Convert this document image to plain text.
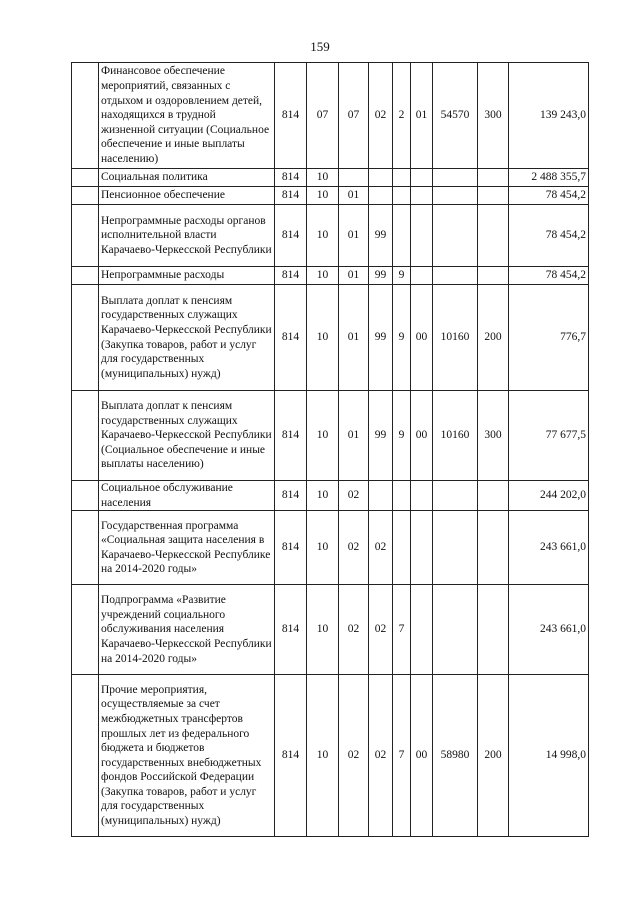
159
	Финансовое обеспечение мероприятий, связанных с отдыхом и оздоровлением детей, находящихся в трудной жизненной ситуации (Социальное обеспечение и иные выплаты населению)	814	07	07	02	2	01	54570	300	139 243,0
	Социальная политика	814	10							2 488 355,7
	Пенсионное обеспечение	814	10	01						78 454,2
	Непрограммные расходы органов исполнительной власти Карачаево-Черкесской Республики	814	10	01	99					78 454,2
	Непрограммные расходы	814	10	01	99	9				78 454,2
	Выплата доплат к пенсиям государственных служащих Карачаево-Черкесской Республики (Закупка товаров, работ и услуг для государственных (муниципальных) нужд)	814	10	01	99	9	00	10160	200	776,7
	Выплата доплат к пенсиям государственных служащих Карачаево-Черкесской Республики (Социальное обеспечение и иные выплаты населению)	814	10	01	99	9	00	10160	300	77 677,5
	Социальное обслуживание населения	814	10	02						244 202,0
	Государственная программа «Социальная защита населения в Карачаево-Черкесской Республике на 2014-2020 годы»	814	10	02	02					243 661,0
	Подпрограмма «Развитие учреждений социального обслуживания населения Карачаево-Черкесской Республики на 2014-2020 годы»	814	10	02	02	7				243 661,0
	Прочие мероприятия, осуществляемые за счет межбюджетных трансфертов прошлых лет из федерального бюджета и бюджетов государственных внебюджетных фондов Российской Федерации (Закупка товаров, работ и услуг для государственных (муниципальных) нужд)	814	10	02	02	7	00	58980	200	14 998,0
